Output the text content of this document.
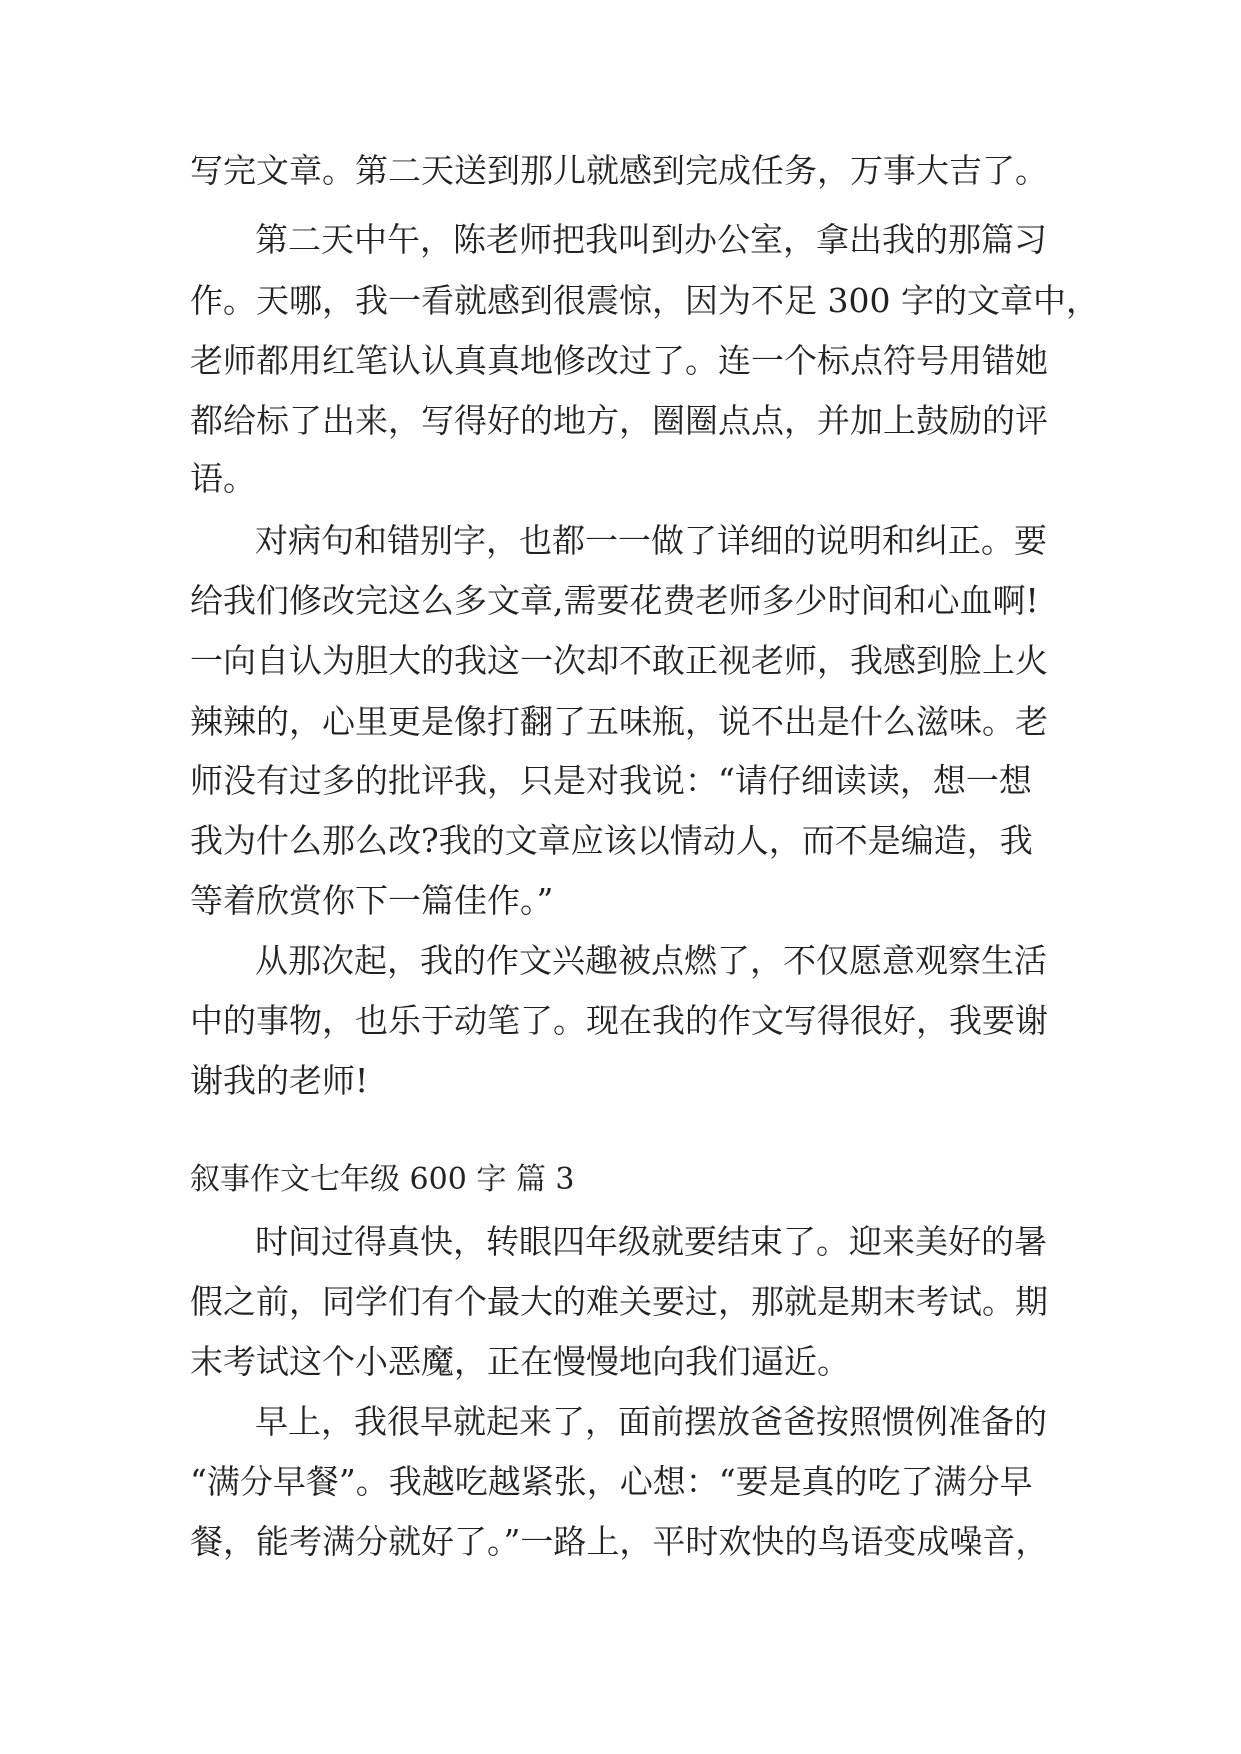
写完文章。第二天送到那儿就感到完成任务，万事大吉了。

第二天中午，陈老师把我叫到办公室，拿出我的那篇习

作。天哪，我一看就感到很震惊，因为不足 300 字的文章中，

老师都用红笔认认真真地修改过了。连一个标点符号用错她

都给标了出来，写得好的地方，圈圈点点，并加上鼓励的评

语。

对病句和错别字，也都一一做了详细的说明和纠正。要

给我们修改完这么多文章,需要花费老师多少时间和心血啊!

一向自认为胆大的我这一次却不敢正视老师，我感到脸上火

辣辣的，心里更是像打翻了五味瓶，说不出是什么滋味。老

师没有过多的批评我，只是对我说：“请仔细读读，想一想

我为什么那么改?我的文章应该以情动人，而不是编造，我

等着欣赏你下一篇佳作。”

从那次起，我的作文兴趣被点燃了，不仅愿意观察生活

中的事物，也乐于动笔了。现在我的作文写得很好，我要谢

谢我的老师!

叙事作文七年级 600 字 篇 3

时间过得真快，转眼四年级就要结束了。迎来美好的暑

假之前，同学们有个最大的难关要过，那就是期末考试。期

末考试这个小恶魔，正在慢慢地向我们逼近。

早上，我很早就起来了，面前摆放爸爸按照惯例准备的

“满分早餐”。我越吃越紧张，心想：“要是真的吃了满分早

餐，能考满分就好了。”一路上，平时欢快的鸟语变成噪音，
